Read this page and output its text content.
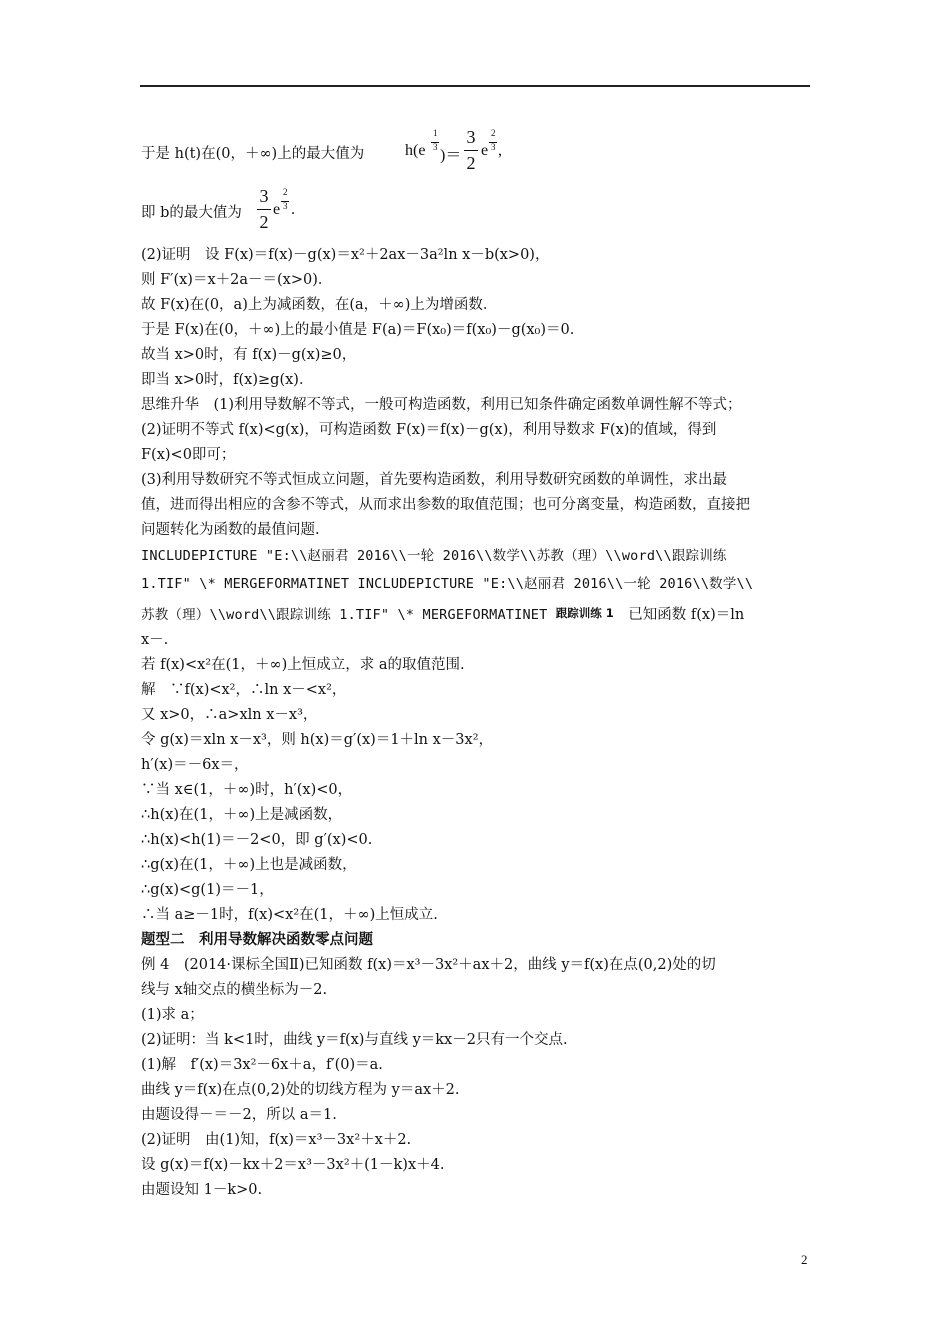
于是 h(t)在(0，＋∞)上的最大值为	h(e
1
3 )＝
3
2
e
2
3 ,
即 b的最大值为
3
2
e
2
3 .
(2)证明　设 F(x)＝f(x)－g(x)＝x²＋2ax－3a²ln x－b(x>0)，
则 F′(x)＝x＋2a－＝(x>0)．
故 F(x)在(0，a)上为减函数，在(a，＋∞)上为增函数．
于是 F(x)在(0，＋∞)上的最小值是 F(a)＝F(x₀)＝f(x₀)－g(x₀)＝0.
故当 x>0时，有 f(x)－g(x)≥0，
即当 x>0时，f(x)≥g(x)．
思维升华　(1)利用导数解不等式，一般可构造函数，利用已知条件确定函数单调性解不等式；
(2)证明不等式 f(x)<g(x)，可构造函数 F(x)＝f(x)－g(x)，利用导数求 F(x)的值域，得到
F(x)<0即可；
(3)利用导数研究不等式恒成立问题，首先要构造函数，利用导数研究函数的单调性，求出最
值，进而得出相应的含参不等式，从而求出参数的取值范围；也可分离变量，构造函数，直接把
问题转化为函数的最值问题.
INCLUDEPICTURE "E:\\赵丽君 2016\\一轮 2016\\数学\\苏教（理）\\word\\跟踪训练
1.TIF" \* MERGEFORMATINET INCLUDEPICTURE "E:\\赵丽君 2016\\一轮 2016\\数学\\
苏教（理）\\word\\跟踪训练 1.TIF" \* MERGEFORMATINET 跟踪训练 1　已知函数 f(x)＝ln
x－.
若 f(x)<x²在(1，＋∞)上恒成立，求 a的取值范围.
解　∵f(x)<x²，∴ln x－<x²，
又 x>0，∴a>xln x－x³，
令 g(x)＝xln x－x³，则 h(x)＝g′(x)＝1＋ln x－3x²，
h′(x)＝－6x＝，
∵当 x∈(1，＋∞)时，h′(x)<0，
∴h(x)在(1，＋∞)上是减函数，
∴h(x)<h(1)＝－2<0，即 g′(x)<0.
∴g(x)在(1，＋∞)上也是减函数，
∴g(x)<g(1)＝－1，
∴当 a≥－1时，f(x)<x²在(1，＋∞)上恒成立.
题型二　利用导数解决函数零点问题
例 4　(2014·课标全国Ⅱ)已知函数 f(x)＝x³－3x²＋ax＋2，曲线 y＝f(x)在点(0,2)处的切
线与 x轴交点的横坐标为－2.
(1)求 a；
(2)证明：当 k<1时，曲线 y＝f(x)与直线 y＝kx－2只有一个交点.
(1)解　f′(x)＝3x²－6x＋a，f′(0)＝a.
曲线 y＝f(x)在点(0,2)处的切线方程为 y＝ax＋2.
由题设得－＝－2，所以 a＝1.
(2)证明　由(1)知，f(x)＝x³－3x²＋x＋2.
设 g(x)＝f(x)－kx＋2＝x³－3x²＋(1－k)x＋4.
由题设知 1－k>0.
2
